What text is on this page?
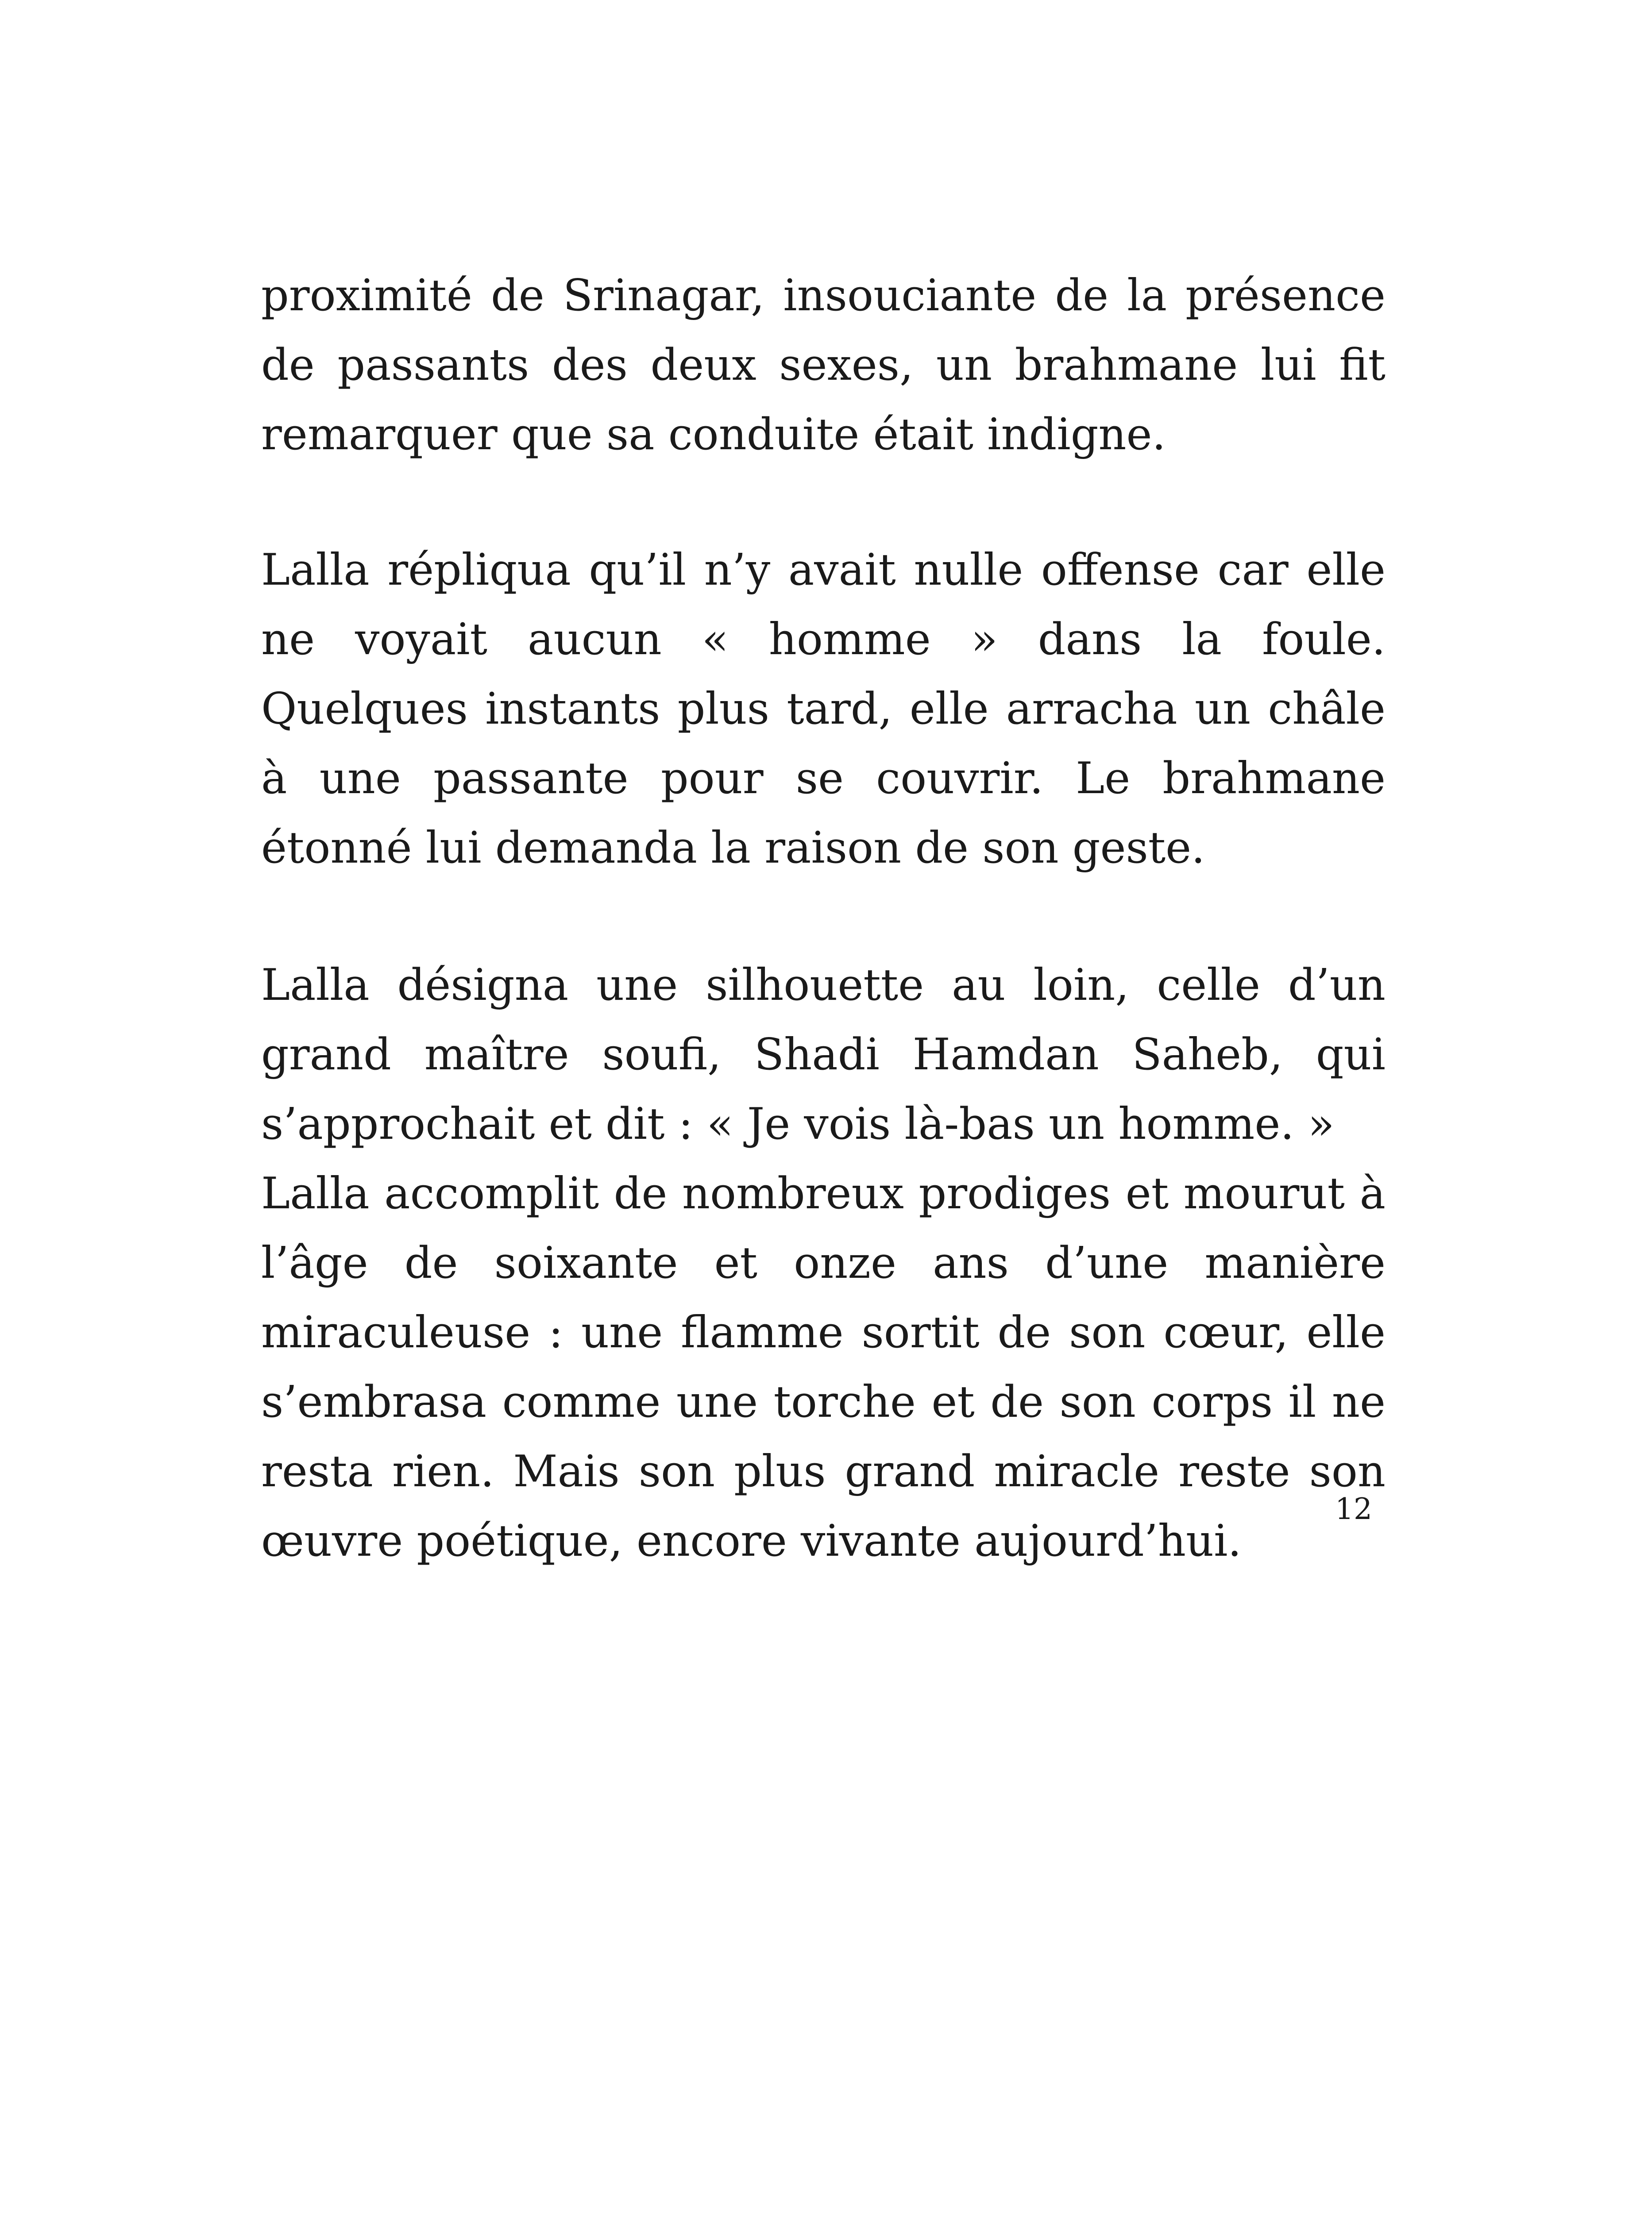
proximité de Srinagar, insouciante de la présence de passants des deux sexes, un brahmane lui fit remarquer que sa conduite était indigne.

Lalla répliqua qu’il n’y avait nulle offense car elle ne voyait aucun « homme » dans la foule. Quelques instants plus tard, elle arracha un châle à une passante pour se couvrir. Le brahmane étonné lui demanda la raison de son geste.

Lalla désigna une silhouette au loin, celle d’un grand maître soufi, Shadi Hamdan Saheb, qui s’approchait et dit : « Je vois là-bas un homme. »

Lalla accomplit de nombreux prodiges et mourut à l’âge de soixante et onze ans d’une manière miraculeuse : une flamme sortit de son cœur, elle s’embrasa comme une torche et de son corps il ne resta rien. Mais son plus grand miracle reste son œuvre poétique, encore vivante aujourd’hui.

12
